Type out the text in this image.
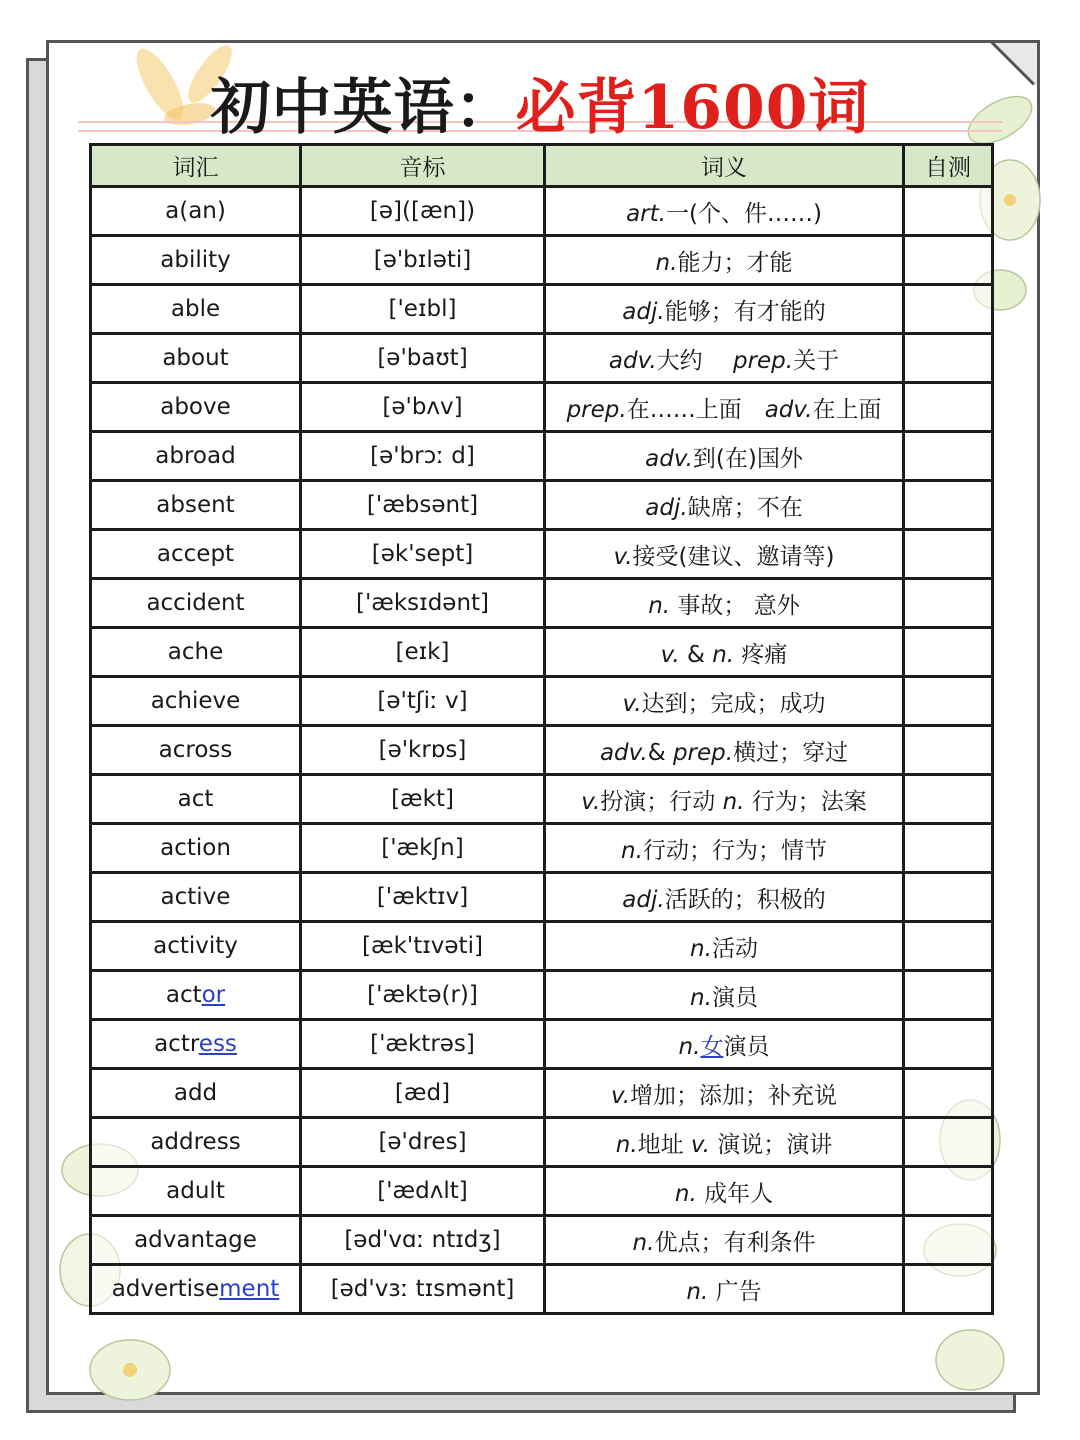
初中英语：必背1600词
词汇	音标	词义	自测
a(an)	[ə]([æn])	art.一(个、件……)	
ability	[ə'bɪləti]	n.能力；才能	
able	['eɪbl]	adj.能够；有才能的	
about	[ə'baʊt]	adv.大约　 prep.关于	
above	[ə'bʌv]	prep.在……上面　adv.在上面	
abroad	[ə'brɔː d]	adv.到(在)国外	
absent	['æbsənt]	adj.缺席；不在	
accept	[ək'sept]	v.接受(建议、邀请等)	
accident	['æksɪdənt]	n. 事故； 意外	
ache	[eɪk]	v. & n. 疼痛	
achieve	[ə'tʃiː v]	v.达到；完成；成功	
across	[ə'krɒs]	adv.& prep.横过；穿过	
act	[ækt]	v.扮演；行动 n. 行为；法案	
action	['ækʃn]	n.行动；行为；情节	
active	['æktɪv]	adj.活跃的；积极的	
activity	[æk'tɪvəti]	n.活动	
actor	['æktə(r)]	n.演员	
actress	['æktrəs]	n.女演员	
add	[æd]	v.增加；添加；补充说	
address	[ə'dres]	n.地址 v. 演说；演讲	
adult	['ædʌlt]	n. 成年人	
advantage	[əd'vɑː ntɪdʒ]	n.优点；有利条件	
advertisement	[əd'vɜː tɪsmənt]	n. 广告	
